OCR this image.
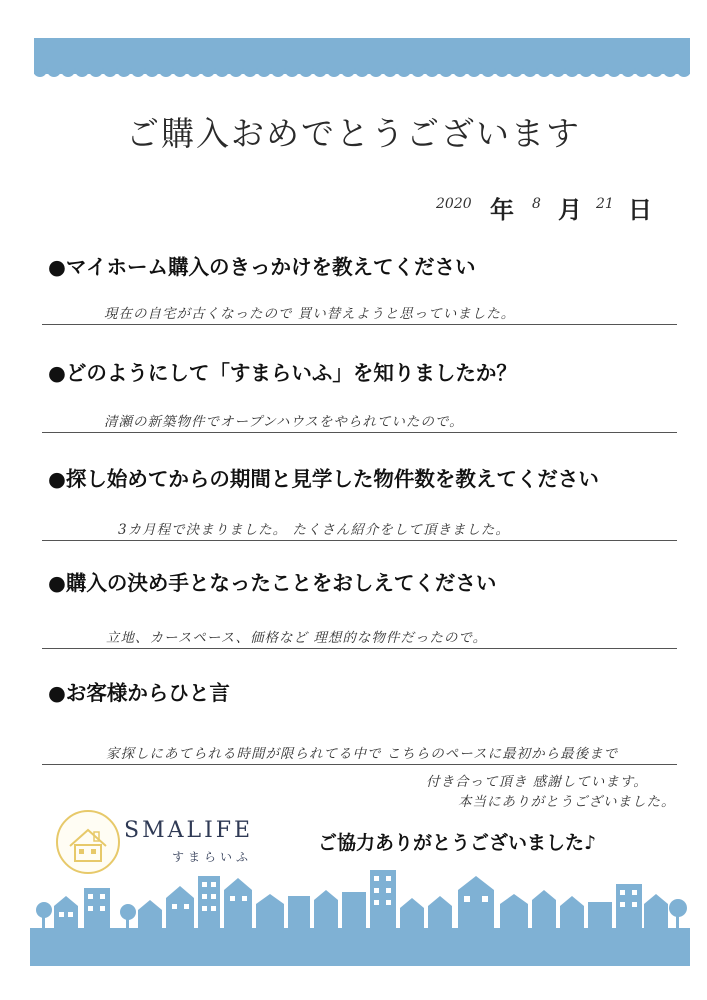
ご購入おめでとうございます
2020 年 8 月 21 日
●マイホーム購入のきっかけを教えてください
現在の自宅が古くなったので 買い替えようと思っていました。
●どのようにして「すまらいふ」を知りましたか？
清瀬の新築物件でオープンハウスをやられていたので。
●探し始めてからの期間と見学した物件数を教えてください
3カ月程で決まりました。 たくさん紹介をして頂きました。
●購入の決め手となったことをおしえてください
立地、カースペース、価格など 理想的な物件だったので。
●お客様からひと言
家探しにあてられる時間が限られてる中で こちらのペースに最初から最後まで
付き合って頂き 感謝しています。
本当にありがとうございました。
SMALIFE
すまらいふ
ご協力ありがとうございました♪
